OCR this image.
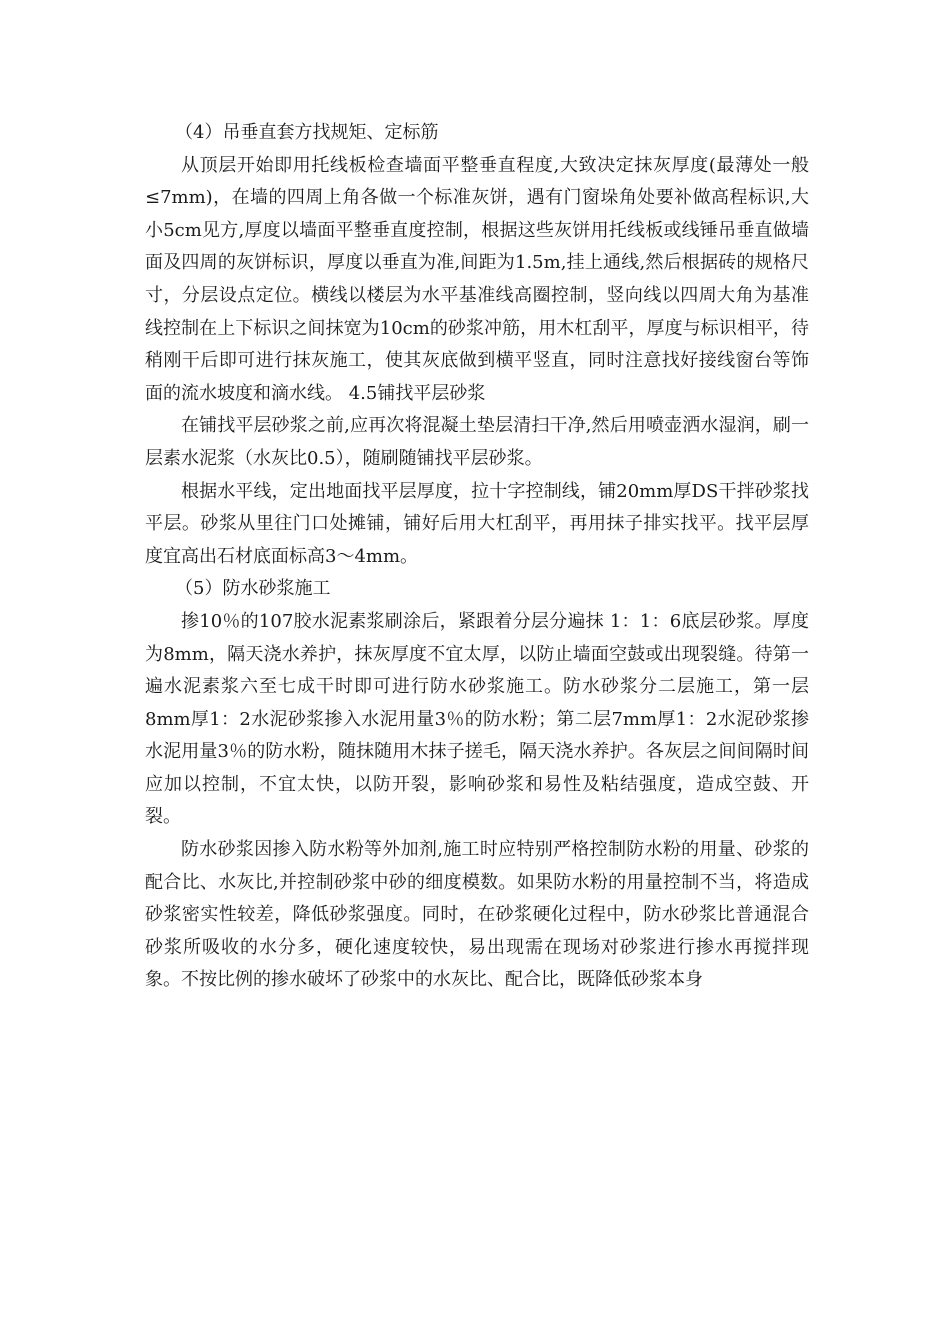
（4）吊垂直套方找规矩、定标筋

从顶层开始即用托线板检查墙面平整垂直程度,大致决定抹灰厚度(最薄处一般≤7mm)，在墙的四周上角各做一个标准灰饼，遇有门窗垛角处要补做高程标识,大小5cm见方,厚度以墙面平整垂直度控制，根据这些灰饼用托线板或线锤吊垂直做墙面及四周的灰饼标识，厚度以垂直为准,间距为1.5m,挂上通线,然后根据砖的规格尺寸，分层设点定位。横线以楼层为水平基准线高圈控制，竖向线以四周大角为基准线控制在上下标识之间抹宽为10cm的砂浆冲筋，用木杠刮平，厚度与标识相平，待稍刚干后即可进行抹灰施工，使其灰底做到横平竖直，同时注意找好接线窗台等饰面的流水坡度和滴水线。 4.5铺找平层砂浆

在铺找平层砂浆之前,应再次将混凝土垫层清扫干净,然后用喷壶洒水湿润，刷一层素水泥浆（水灰比0.5），随刷随铺找平层砂浆。

根据水平线，定出地面找平层厚度，拉十字控制线，铺20mm厚DS干拌砂浆找平层。砂浆从里往门口处摊铺，铺好后用大杠刮平，再用抹子排实找平。找平层厚度宜高出石材底面标高3～4mm。

（5）防水砂浆施工

掺10％的107胶水泥素浆刷涂后，紧跟着分层分遍抹 1：1：6底层砂浆。厚度为8mm，隔天浇水养护，抹灰厚度不宜太厚，以防止墙面空鼓或出现裂缝。待第一遍水泥素浆六至七成干时即可进行防水砂浆施工。防水砂浆分二层施工，第一层8mm厚1：2水泥砂浆掺入水泥用量3％的防水粉；第二层7mm厚1：2水泥砂浆掺水泥用量3％的防水粉，随抹随用木抹子搓毛，隔天浇水养护。各灰层之间间隔时间应加以控制，不宜太快，以防开裂，影响砂浆和易性及粘结强度，造成空鼓、开裂。

防水砂浆因掺入防水粉等外加剂,施工时应特别严格控制防水粉的用量、砂浆的配合比、水灰比,并控制砂浆中砂的细度模数。如果防水粉的用量控制不当，将造成砂浆密实性较差，降低砂浆强度。同时，在砂浆硬化过程中，防水砂浆比普通混合砂浆所吸收的水分多，硬化速度较快，易出现需在现场对砂浆进行掺水再搅拌现象。不按比例的掺水破坏了砂浆中的水灰比、配合比，既降低砂浆本身
